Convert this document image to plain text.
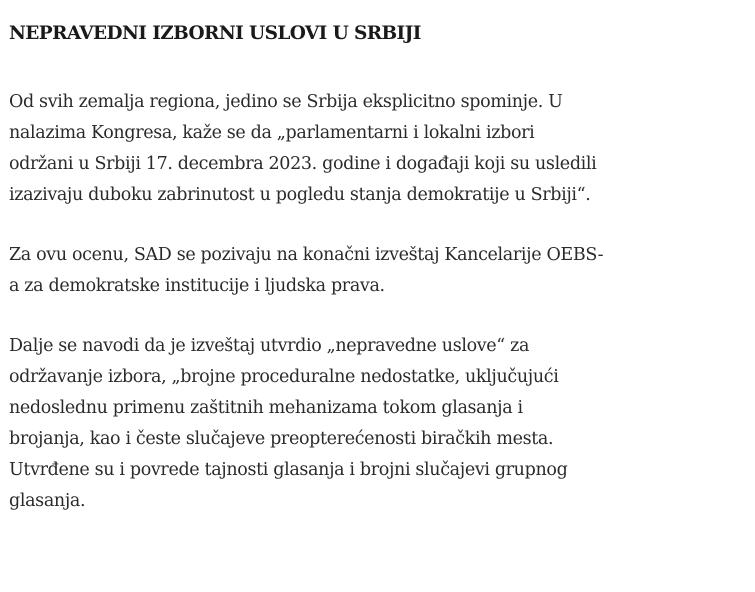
NEPRAVEDNI IZBORNI USLOVI U SRBIJI

Od svih zemalja regiona, jedino se Srbija eksplicitno spominje. U
nalazima Kongresa, kaže se da „parlamentarni i lokalni izbori
održani u Srbiji 17. decembra 2023. godine i događaji koji su usledili
izazivaju duboku zabrinutost u pogledu stanja demokratije u Srbiji“.

Za ovu ocenu, SAD se pozivaju na konačni izveštaj Kancelarije OEBS-
a za demokratske institucije i ljudska prava.

Dalje se navodi da je izveštaj utvrdio „nepravedne uslove“ za
održavanje izbora, „brojne proceduralne nedostatke, uključujući
nedoslednu primenu zaštitnih mehanizama tokom glasanja i
brojanja, kao i česte slučajeve preopterećenosti biračkih mesta.
Utvrđene su i povrede tajnosti glasanja i brojni slučajevi grupnog
glasanja.
